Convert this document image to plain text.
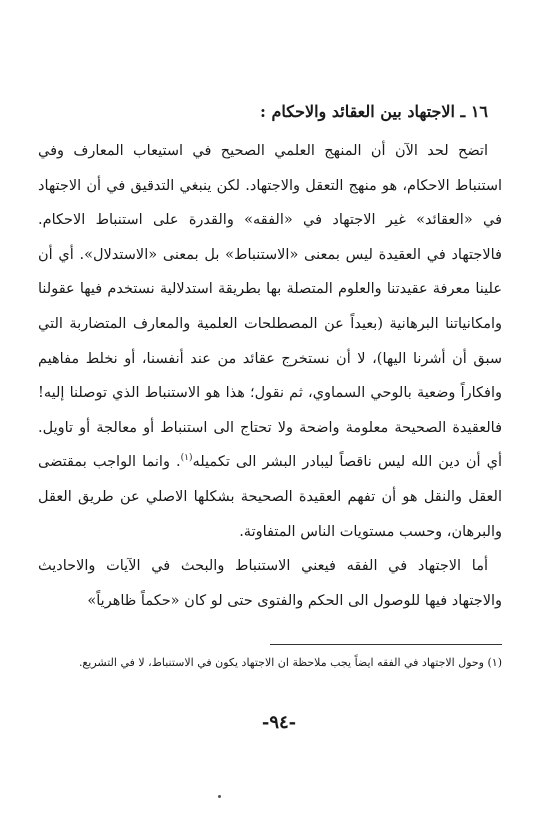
١٦ ـ الاجتهاد بين العقائد والاحكام :

اتضح لحد الآن أن المنهج العلمي الصحيح في استيعاب المعارف وفي استنباط الاحكام، هو منهج التعقل والاجتهاد. لكن ينبغي التدقيق في أن الاجتهاد في «العقائد» غير الاجتهاد في «الفقه» والقدرة على استنباط الاحكام. فالاجتهاد في العقيدة ليس بمعنى «الاستنباط» بل بمعنى «الاستدلال». أي أن علينا معرفة عقيدتنا والعلوم المتصلة بها بطريقة استدلالية نستخدم فيها عقولنا وامكانياتنا البرهانية (بعيداً عن المصطلحات العلمية والمعارف المتضاربة التي سبق أن أشرنا اليها)، لا أن نستخرج عقائد من عند أنفسنا، أو نخلط مفاهيم وافكاراً وضعية بالوحي السماوي، ثم نقول؛ هذا هو الاستنباط الذي توصلنا إليه! فالعقيدة الصحيحة معلومة واضحة ولا تحتاج الى استنباط أو معالجة أو تاويل. أي أن دين الله ليس ناقصاً ليبادر البشر الى تكميله$^{(١)}$. وانما الواجب بمقتضى العقل والنقل هو أن تفهم العقيدة الصحيحة بشكلها الاصلي عن طريق العقل والبرهان، وحسب مستويات الناس المتفاوتة.

أما الاجتهاد في الفقه فيعني الاستنباط والبحث في الآيات والاحاديث والاجتهاد فيها للوصول الى الحكم والفتوى حتى لو كان «حكماً ظاهرياً»

(١) وحول الاجتهاد في الفقه ايضاً يجب ملاحظة ان الاجتهاد يكون في الاستنباط، لا في التشريع.
-٩٤-
